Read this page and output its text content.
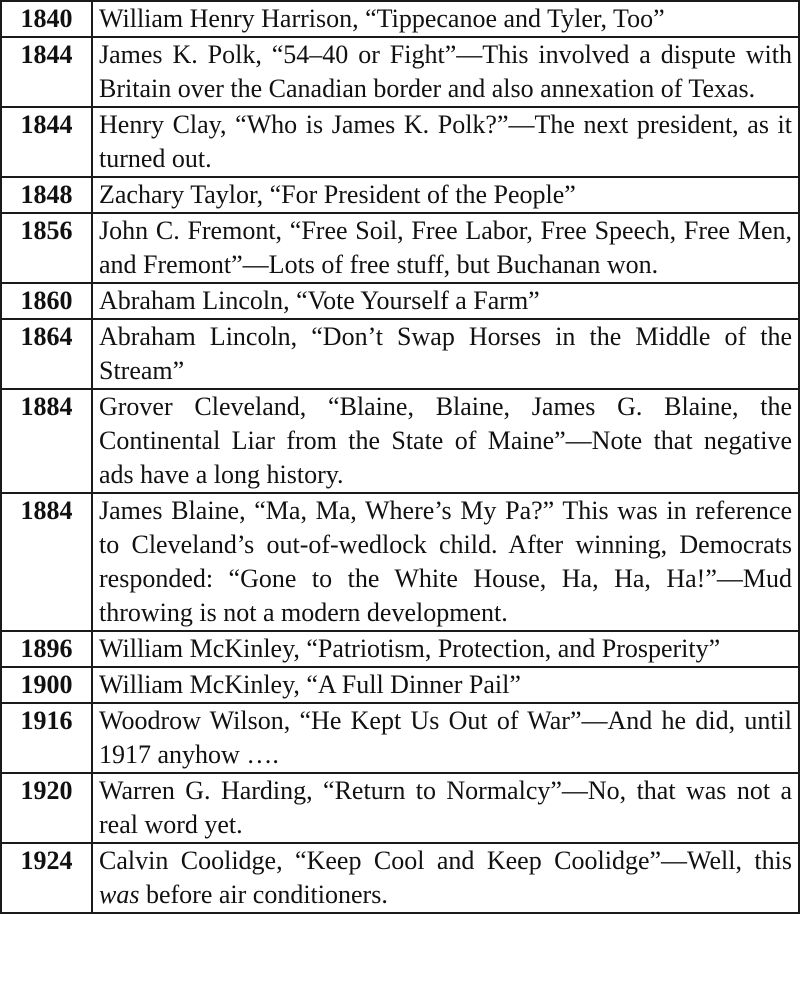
1840	William Henry Harrison, “Tippecanoe and Tyler, Too”
1844	James K. Polk, “54–40 or Fight”—This involved a dispute with Britain over the Canadian border and also annexation of Texas.
1844	Henry Clay, “Who is James K. Polk?”—The next president, as it turned out.
1848	Zachary Taylor, “For President of the People”
1856	John C. Fremont, “Free Soil, Free Labor, Free Speech, Free Men, and Fremont”—Lots of free stuff, but Buchanan won.
1860	Abraham Lincoln, “Vote Yourself a Farm”
1864	Abraham Lincoln, “Don’t Swap Horses in the Middle of the Stream”
1884	Grover Cleveland, “Blaine, Blaine, James G. Blaine, the Continental Liar from the State of Maine”—Note that negative ads have a long history.
1884	James Blaine, “Ma, Ma, Where’s My Pa?” This was in reference to Cleveland’s out-of-wedlock child. After winning, Democrats responded: “Gone to the White House, Ha, Ha, Ha!”—Mud throwing is not a modern development.
1896	William McKinley, “Patriotism, Protection, and Prosperity”
1900	William McKinley, “A Full Dinner Pail”
1916	Woodrow Wilson, “He Kept Us Out of War”—And he did, until 1917 anyhow ….
1920	Warren G. Harding, “Return to Normalcy”—No, that was not a real word yet.
1924	Calvin Coolidge, “Keep Cool and Keep Coolidge”—Well, this was before air conditioners.
